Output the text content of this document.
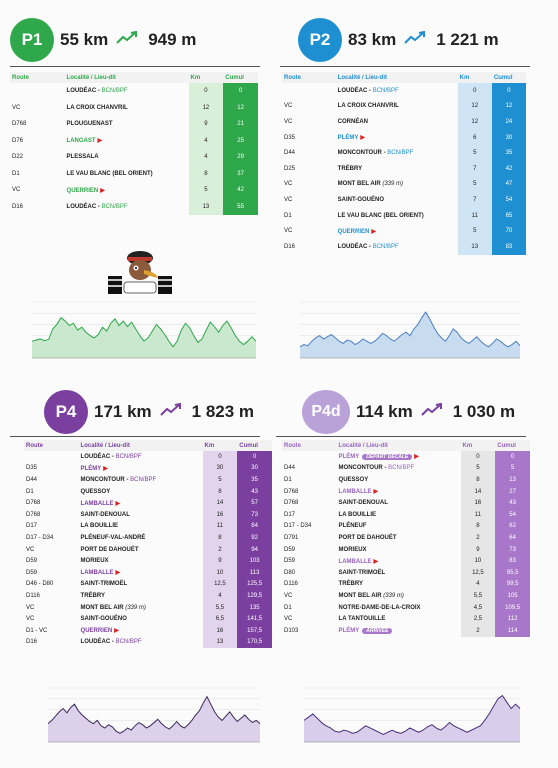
P1	55 km 949 m
Route	Localité / Lieu-dit	Km	Cumul
	LOUDÉAC - BCN/BPF	0	0
VC	LA CROIX CHANVRIL	12	12
D768	PLOUGUENAST	9	21
D76	LANGAST ▶	4	25
D22	PLESSALA	4	29
D1	LE VAU BLANC (BEL ORIENT)	8	37
VC	QUERRIEN ▶	5	42
D16	LOUDÉAC - BCN/BPF	13	55
P2	83 km 1 221 m
Route	Localité / Lieu-dit	Km	Cumul
	LOUDÉAC - BCN/BPF	0	0
VC	LA CROIX CHANVRIL	12	12
VC	CORNÉAN	12	24
D35	PLÉMY ▶	6	30
D44	MONCONTOUR - BCN/BPF	5	35
D25	TRÉBRY	7	42
VC	MONT BEL AIR (339 m)	5	47
VC	SAINT-GOUÉNO	7	54
D1	LE VAU BLANC (BEL ORIENT)	11	65
VC	QUERRIEN ▶	5	70
D16	LOUDÉAC - BCN/BPF	13	83
P4	171 km 1 823 m
Route	Localité / Lieu-dit	Km	Cumul
	LOUDÉAC - BCN/BPF	0	0
D35	PLÉMY ▶	30	30
D44	MONCONTOUR - BCN/BPF	5	35
D1	QUESSOY	8	43
D768	LAMBALLE ▶	14	57
D768	SAINT-DENOUAL	16	73
D17	LA BOUILLIE	11	84
D17 - D34	PLÉNEUF-VAL-ANDRÉ	8	92
VC	PORT DE DAHOUËT	2	94
D59	MORIEUX	9	103
D59	LAMBALLE ▶	10	113
D46 - D80	SAINT-TRIMOËL	12,5	125,5
D116	TRÉBRY	4	129,5
VC	MONT BEL AIR (339 m)	5,5	135
VC	SAINT-GOUÉNO	6,5	141,5
D1 - VC	QUERRIEN ▶	16	157,5
D16	LOUDÉAC - BCN/BPF	13	170,5
P4d 114 km 1 030 m
Route	Localité / Lieu-dit	Km	Cumul
	PLÉMY DÉPART DÉCALÉ ▶	0	0
D44	MONCONTOUR - BCN/BPF	5	5
D1	QUESSOY	8	13
D768	LAMBALLE ▶	14	27
D768	SAINT-DENOUAL	16	43
D17	LA BOUILLIE	11	54
D17 - D34	PLÉNEUF	8	62
D791	PORT DE DAHOUËT	2	64
D59	MORIEUX	9	73
D59	LAMBALLE ▶	10	83
D80	SAINT-TRIMOËL	12,5	95,5
D116	TRÉBRY	4	99,5
VC	MONT BEL AIR (339 m)	5,5	105
D1	NOTRE-DAME-DE-LA-CROIX	4,5	109,5
VC	LA TANTOUILLE	2,5	112
D103	PLÉMY ARRIVÉE	2	114
